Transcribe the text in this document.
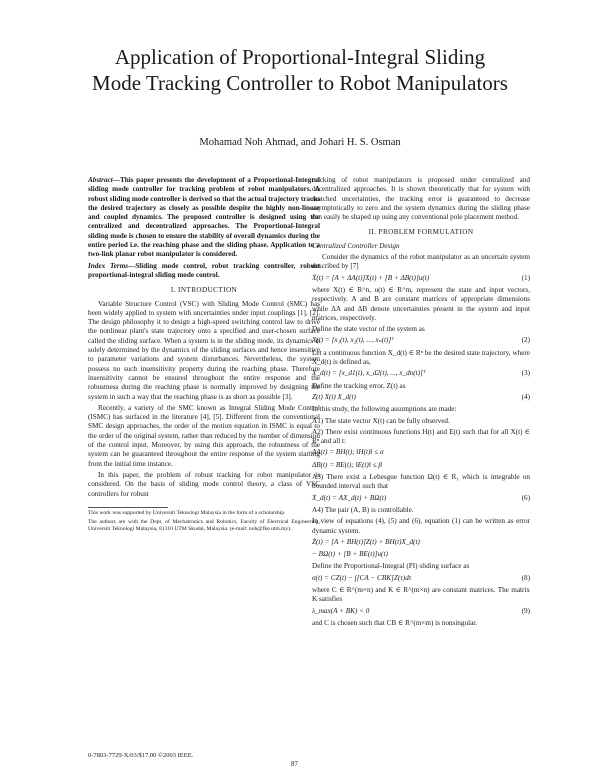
Application of Proportional-Integral Sliding Mode Tracking Controller to Robot Manipulators
Mohamad Noh Ahmad, and Johari H. S. Osman

Abstract—This paper presents the development of a Proportional-Integral sliding mode controller for tracking problem of robot manipulators. A robust sliding mode controller is derived so that the actual trajectory tracks the desired trajectory as closely as possible despite the highly non-linear and coupled dynamics. The proposed controller is designed using the centralized and decentralized approaches. The Proportional-Integral sliding mode is chosen to ensure the stability of overall dynamics during the entire period i.e. the reaching phase and the sliding phase. Application to a two-link planar robot manipulator is considered.

Index Terms—Sliding mode control, robot tracking controller, robust proportional-integral sliding mode control.

I. INTRODUCTION

Variable Structure Control (VSC) with Sliding Mode Control (SMC) has been widely applied to system with uncertainties under input couplings [1], [2]. The design philosophy it to design a high-speed switching control law to drive the nonlinear plant's state trajectory onto a specified and user-chosen surface called the sliding surface. When a system is in the sliding mode, its dynamics is solely determined by the dynamics of the sliding surfaces and hence insensitive to parameter variations and system disturbances. Nevertheless, the system possess no such insensitivity property during the reaching phase. Therefore insensitivity cannot be ensured throughout the entire response and the robustness during the reaching phase is normally improved by designing the system in such a way that the reaching phase is as short as possible [3].

Recently, a variety of the SMC known as Integral Sliding Mode Control (ISMC) has surfaced in the literature [4], [5]. Different from the conventional SMC design approaches, the order of the motion equation in ISMC is equal to the order of the original system, rather than reduced by the number of dimension of the control input. Moreover, by using this approach, the robustness of the system can be guaranteed throughout the entire response of the system starting from the initial time instance.

In this paper, the problem of robust tracking for robot manipulator is considered. On the basis of sliding mode control theory, a class of VSC controllers for robust

This work was supported by Universiti Teknologi Malaysia in the form of a scholarship.

The authors are with the Dept. of Mechatronics and Robotics, Faculty of Electrical Engineering, Universiti Teknologi Malaysia, 81310 UTM Skudai, Malaysia. (e-mail: noh@fke.utm.my).

tracking of robot manipulators is proposed under centralized and decentralized approaches. It is shown theoretically that for system with matched uncertainties, the tracking error is guaranteed to decrease asymptotically to zero and the system dynamics during the sliding phase can easily be shaped up using any conventional pole placement method.

II. PROBLEM FORMULATION
Centralized Controller Design

Consider the dynamics of the robot manipulator as an uncertain system described by [7]

Ẋ(t) = [A + ΔA(t)]X(t) + [B + ΔB(t)]u(t)	(1)

where X(t) ∈ R^n, u(t) ∈ R^m, represent the state and input vectors, respectively. A and B are constant matrices of appropriate dimensions while ΔA and ΔB denote uncertainties present in the system and input matrices, respectively.

Define the state vector of the system as

X(t) = [x₁(t), x₂(t), ..., xₙ(t)]ᵀ	(2)

Let a continuous function X_d(t) ∈ Rⁿ be the desired state trajectory, where X_d(t) is defined as,

X_d(t) = [x_d1(t), x_d2(t), ..., x_dn(t)]ᵀ	(3)

Define the tracking error, Z(t) as

Z(t) X(t) X_d(t)	(4)

In this study, the following assumptions are made:

A1) The state vector X(t) can be fully observed.

A2) There exist continuous functions H(t) and E(t) such that for all X(t) ∈ Rⁿ and all t:

ΔA(t) = BH(t); ‖H(t)‖ ≤ α
ΔB(t) = BE(t); ‖E(t)‖ ≤ β

A3) There exist a Lebesgue function Ω(t) ∈ R₁ which is integrable on bounded interval such that

Ẋ_d(t) = AX_d(t) + BΩ(t)	(6)

A4) The pair (A, B) is controllable.

In view of equations (4), (5) and (6), equation (1) can be written as error dynamic system.

Ż(t) = [A + BH(t)]Z(t) + BH(t)X_d(t)
− BΩ(t) + [B + BE(t)]u(t)

Define the Proportional-Integral (PI) sliding surface as

σ(t) = CZ(t) − ∫[CA − CBK]Z(τ)dτ	(8)

where C ∈ R^(m×n) and K ∈ R^(m×n) are constant matrices. The matrix K satisfies

λ_max(A + BK) < 0	(9)

and C is chosen such that CB ∈ R^(m×m) is nonsingular.

0-7803-7729-X/03/$17.00 ©2003 IEEE.
87
